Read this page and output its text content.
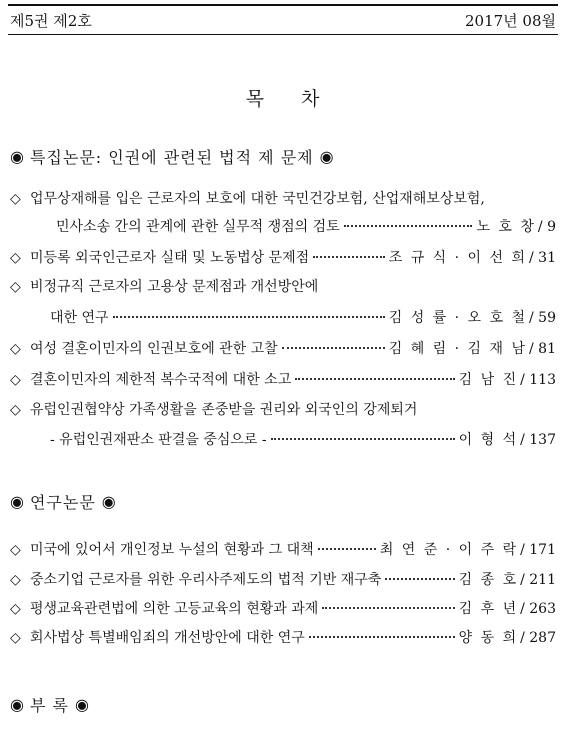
제5권 제2호	2017년 08월
목 차
◉ 특집논문: 인권에 관련된 법적 제 문제 ◉
◇ 업무상재해를 입은 근로자의 보호에 대한 국민건강보험, 산업재해보상보험,
민사소송 간의 관계에 관한 실무적 쟁점의 검토	노 호 창 / 9
◇ 미등록 외국인근로자 실태 및 노동법상 문제점	조 규 식 · 이 선 희 / 31
◇ 비정규직 근로자의 고용상 문제점과 개선방안에
대한 연구	김 성 률 · 오 호 철 / 59
◇ 여성 결혼이민자의 인권보호에 관한 고찰	김 혜 림 · 김 재 남 / 81
◇ 결혼이민자의 제한적 복수국적에 대한 소고	김 남 진 / 113
◇ 유럽인권협약상 가족생활을 존중받을 권리와 외국인의 강제퇴거
- 유럽인권재판소 판결을 중심으로 -	이 형 석 / 137
◉ 연구논문 ◉
◇ 미국에 있어서 개인정보 누설의 현황과 그 대책	최 연 준 · 이 주 락 / 171
◇ 중소기업 근로자를 위한 우리사주제도의 법적 기반 재구축	김 종 호 / 211
◇ 평생교육관련법에 의한 고등교육의 현황과 과제	김 후 년 / 263
◇ 회사법상 특별배임죄의 개선방안에 대한 연구	양 동 희 / 287
◉ 부 록 ◉
